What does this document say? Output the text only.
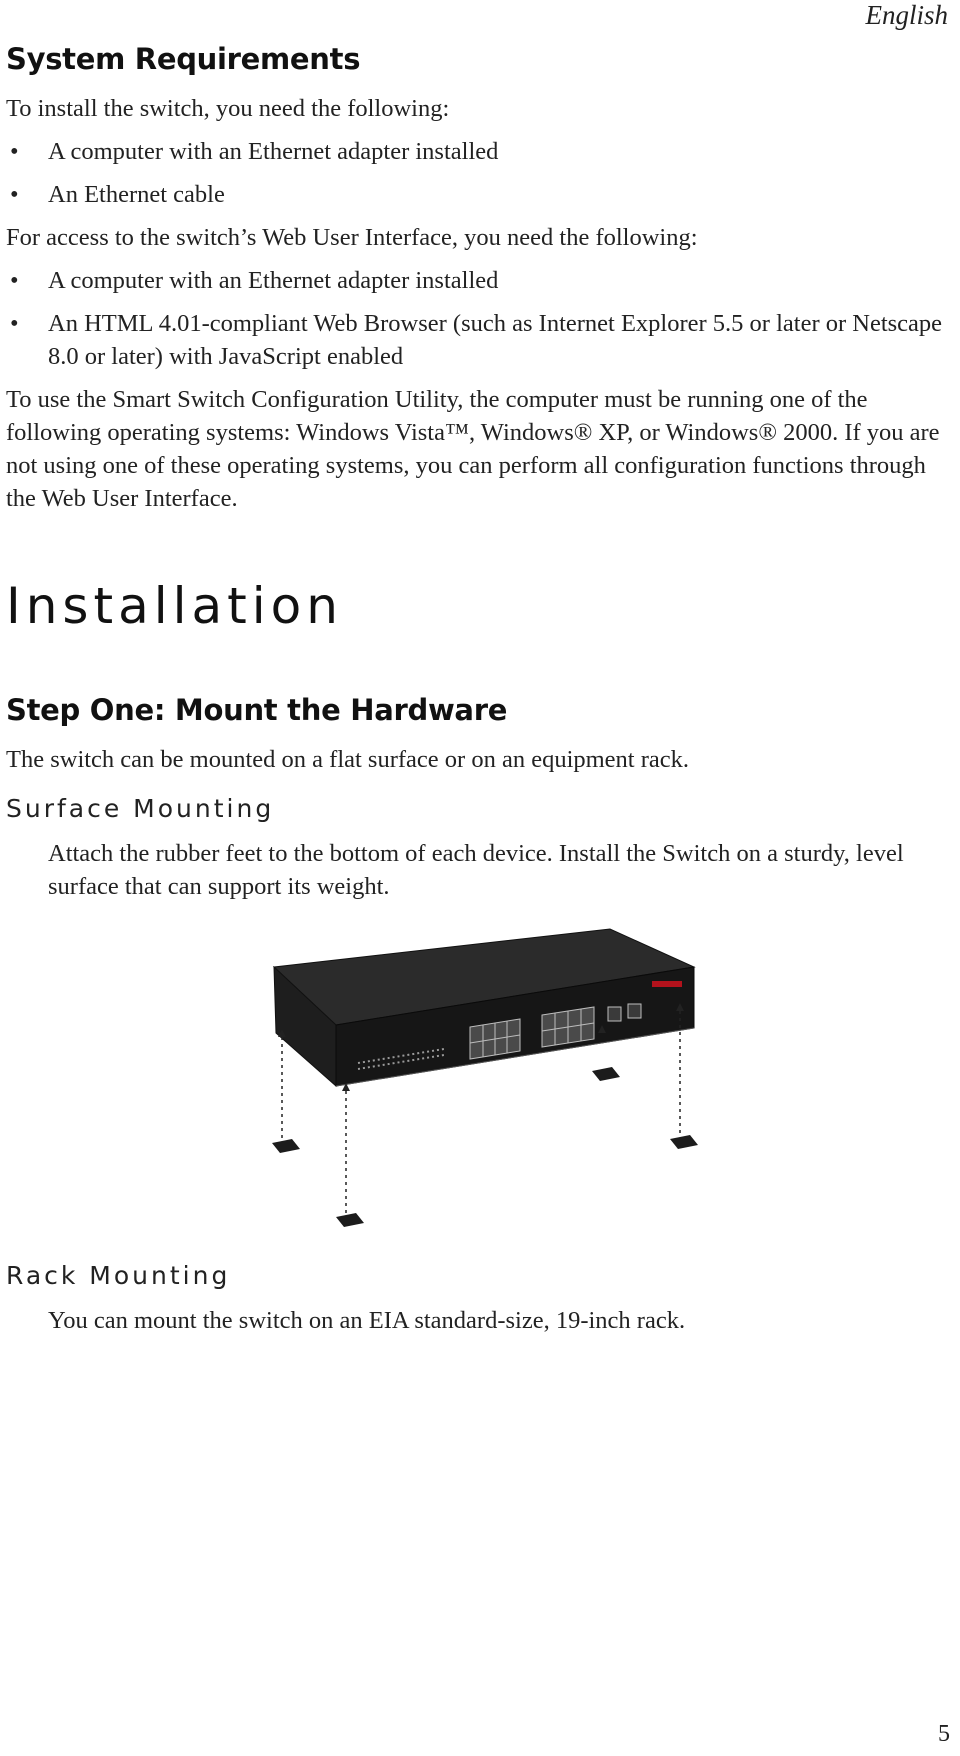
English
System Requirements
To install the switch, you need the following:
• A computer with an Ethernet adapter installed
• An Ethernet cable
For access to the switch’s Web User Interface, you need the following:
• A computer with an Ethernet adapter installed
• An HTML 4.01-compliant Web Browser (such as Internet Explorer 5.5 or later or Netscape 8.0 or later) with JavaScript enabled
To use the Smart Switch Configuration Utility, the computer must be running one of the following operating systems: Windows Vista™, Windows® XP, or Windows® 2000. If you are not using one of these operating systems, you can perform all configuration functions through the Web User Interface.
Installation
Step One: Mount the Hardware
The switch can be mounted on a flat surface or on an equipment rack.
Surface Mounting
Attach the rubber feet to the bottom of each device. Install the Switch on a sturdy, level surface that can support its weight.
Rack Mounting
You can mount the switch on an EIA standard-size, 19-inch rack.
5
